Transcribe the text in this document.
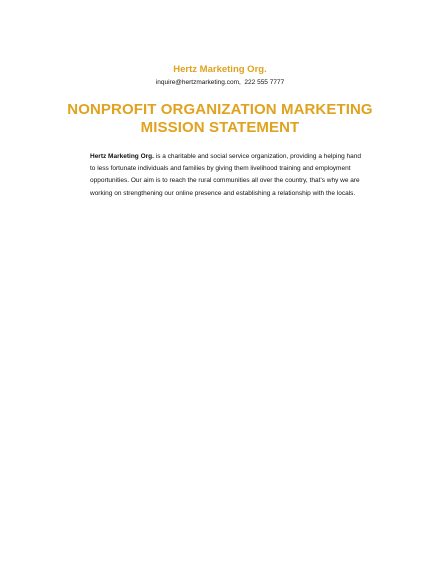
Hertz Marketing Org.
inquire@hertzmarketing.com, 222 555 7777
NONPROFIT ORGANIZATION MARKETING
MISSION STATEMENT

Hertz Marketing Org. is a charitable and social service organization, providing a helping hand to less fortunate individuals and families by giving them livelihood training and employment opportunities. Our aim is to reach the rural communities all over the country, that’s why we are working on strengthening our online presence and establishing a relationship with the locals.
